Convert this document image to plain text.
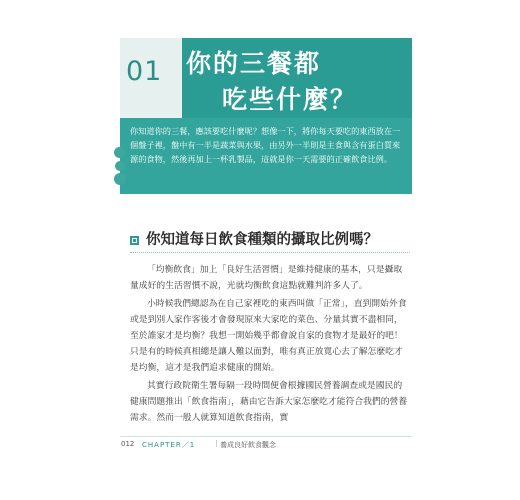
01 你的三餐都
吃些什麼？
你知道你的三餐，應該要吃什麼呢？想像一下，將你每天要吃的東西放在一個盤子裡，盤中有一半是蔬菜與水果，由另外一半則是主食與含有蛋白質來源的食物，然後再加上一杯乳製品，這就是你一天需要的正確飲食比例。
你知道每日飲食種類的攝取比例嗎？

「均衡飲食」加上「良好生活習慣」是維持健康的基本，只是攝取量成好的生活習慣不說，光就均衡飲食這點就難判許多人了。

小時候我們總認為在自己家裡吃的東西叫做「正常」，直到開始外食或是到別人家作客後才會發現原來大家吃的菜色、分量其實不盡相同，至於誰家才是均衡？我想一開始幾乎都會說自家的食物才是最好的吧！只是有的時候真相總是讓人難以面對，唯有真正放寬心去了解怎麼吃才是均衡，這才是我們追求健康的開始。

其實行政院衛生署每隔一段時間便會根據國民營養調查或是國民的健康問題推出「飲食指南」，藉由它告訴大家怎麼吃才能符合我們的營養需求。然而一般人就算知道飲食指南，實

012 CHAPTER／1	｜ 養成良好飲食觀念
